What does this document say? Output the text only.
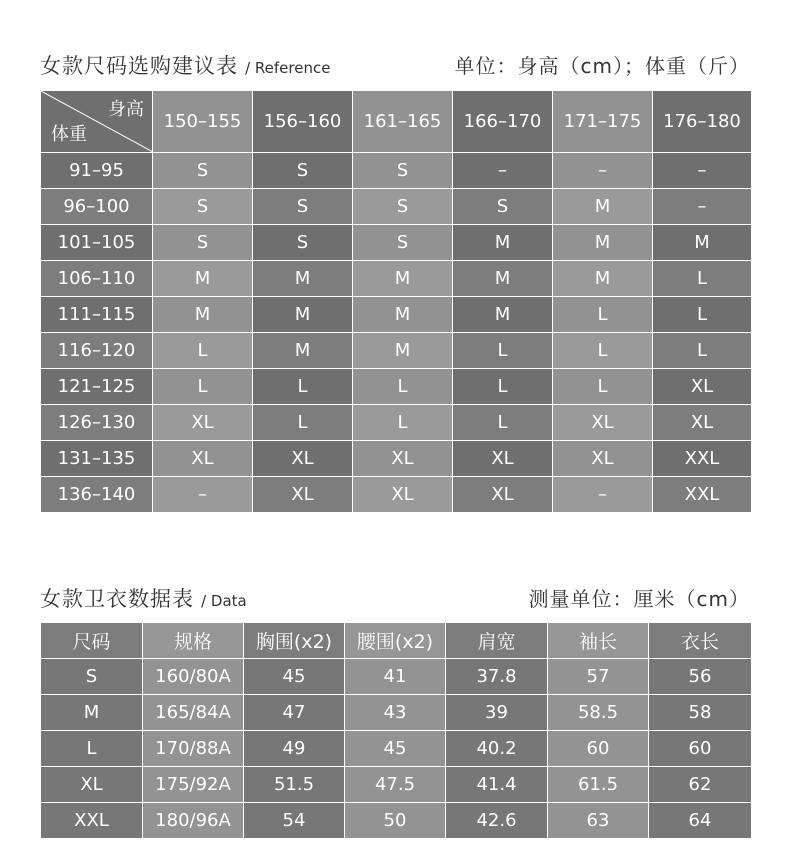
女款尺码选购建议表 / Reference	单位：身高（cm）；体重（斤）
身高
体重	150–155	156–160	161–165	166–170	171–175	176–180
91–95	S	S	S	–	–	–
96–100	S	S	S	S	M	–
101–105	S	S	S	M	M	M
106–110	M	M	M	M	M	L
111–115	M	M	M	M	L	L
116–120	L	M	M	L	L	L
121–125	L	L	L	L	L	XL
126–130	XL	L	L	L	XL	XL
131–135	XL	XL	XL	XL	XL	XXL
136–140	–	XL	XL	XL	–	XXL
女款卫衣数据表 / Data	测量单位：厘米（cm）
尺码	规格	胸围(x2)	腰围(x2)	肩宽	袖长	衣长
S	160/80A	45	41	37.8	57	56
M	165/84A	47	43	39	58.5	58
L	170/88A	49	45	40.2	60	60
XL	175/92A	51.5	47.5	41.4	61.5	62
XXL	180/96A	54	50	42.6	63	64
